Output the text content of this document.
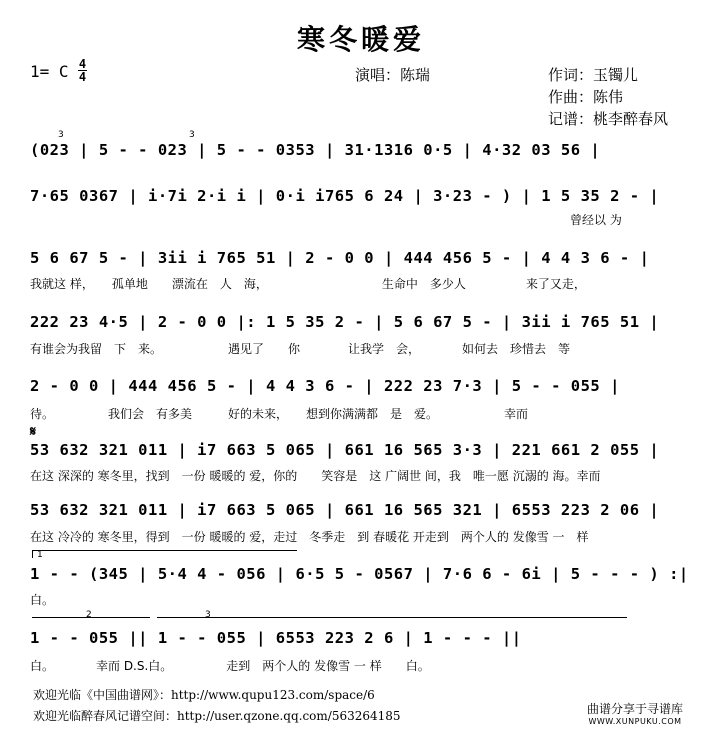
寒冬暖爱
1= C 4
4	演唱：陈瑞	作词：玉镯儿
作曲：陈伟
记谱：桃李醉春风
(023 | 5 - - 023 | 5 - - 0353 | 31·1316 0·5 | 4·32 03 56 |
3	3
7·65 0367 | i·7i 2·i i | 0·i i765 6 24 | 3·23 - ) | 1 5 35 2 - |
曾经以 为
5 6 67 5 - | 3ii i 765 51 | 2 - 0 0 | 444 456 5 - | 4 4 3 6 - |
我就这 样，　　孤单地　　漂流在　人　海，　　　　　　　　　　生命中　多少人　　　　　来了又走，
222 23 4·5 | 2 - 0 0 |: 1 5 35 2 - | 5 6 67 5 - | 3ii i 765 51 |
有谁会为我留　下　来。　　　　　　遇见了　　你　　　　让我学　会，　　　　如何去　珍惜去　等
2 - 0 0 | 444 456 5 - | 4 4 3 6 - | 222 23 7·3 | 5 - - 055 |
待。　　　　　我们会　有多美　　　好的未来，　　想到你满满都　是　爱。　　　　　　幸而
𝄋
53 632 321 011 | i7 663 5 065 | 661 16 565 3·3 | 221 661 2 055 |
在这 深深的 寒冬里，找到　一份 暖暖的 爱，你的　　笑容是　这 广阔世 间，我　唯一愿 沉溺的 海。幸而
53 632 321 011 | i7 663 5 065 | 661 16 565 321 | 6553 223 2 06 |
在这 冷冷的 寒冬里，得到　一份 暖暖的 爱，走过　冬季走　到 春暖花 开走到　两个人的 发像雪 一　样
1
1 - - (345 | 5·4 4 - 056 | 6·5 5 - 0567 | 7·6 6 - 6i | 5 - - - ) :|
白。
2	3
1 - - 055 || 1 - - 055 | 6553 223 2 6 | 1 - - - ||
白。　　　　幸而 D.S.白。　　　　　走到　两个人的 发像雪 一 样　　白。
欢迎光临《中国曲谱网》：http://www.qupu123.com/space/6
欢迎光临醉春风记谱空间：http://user.qzone.qq.com/563264185	曲谱分享于寻谱库
WWW.XUNPUKU.COM
